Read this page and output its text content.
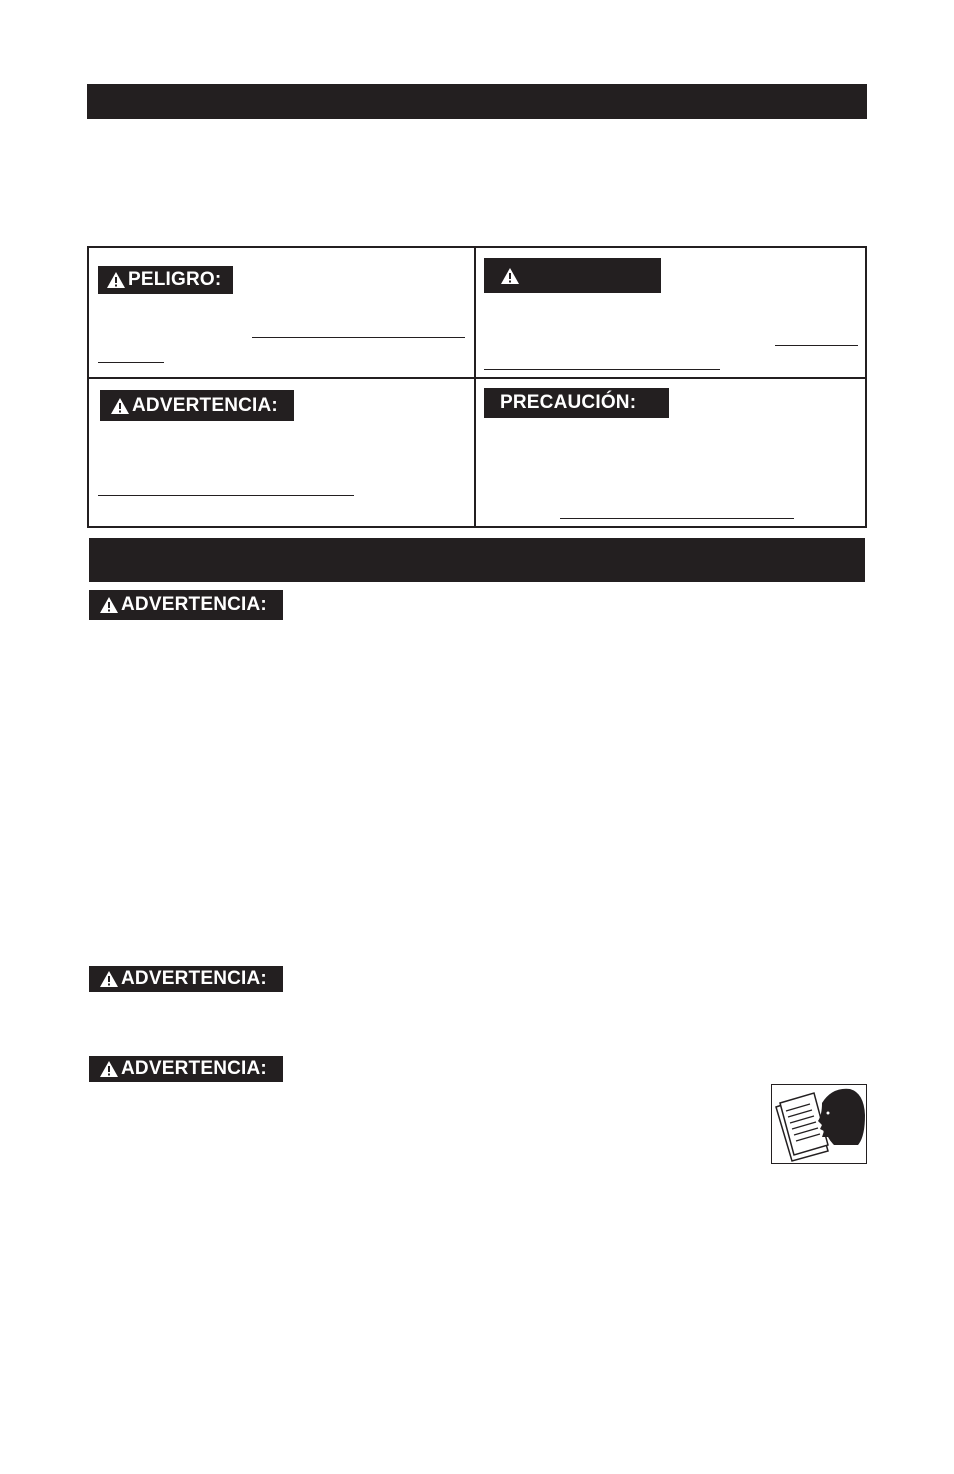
PELIGRO:
ADVERTENCIA:	PRECAUCIÓN:
ADVERTENCIA:
ADVERTENCIA:
ADVERTENCIA:
